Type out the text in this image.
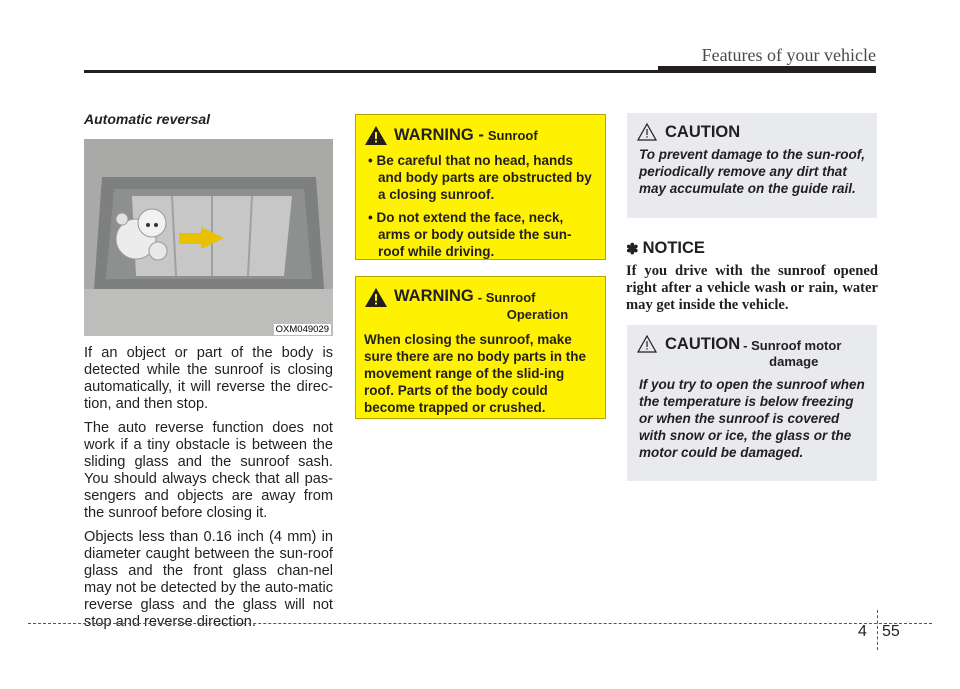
Features of your vehicle
Automatic reversal
OXM049029

If an object or part of the body is detected while the sunroof is closing automatically, it will reverse the direc-tion, and then stop.

The auto reverse function does not work if a tiny obstacle is between the sliding glass and the sunroof sash. You should always check that all pas-sengers and objects are away from the sunroof before closing it.

Objects less than 0.16 inch (4 mm) in diameter caught between the sun-roof glass and the front glass chan-nel may not be detected by the auto-matic reverse glass and the glass will not stop and reverse direction.

WARNING - Sunroof
• Be careful that no head, hands and body parts are obstructed by a closing sunroof.
• Do not extend the face, neck, arms or body outside the sun-roof while driving.
WARNING - Sunroof
Operation
When closing the sunroof, make sure there are no body parts in the movement range of the slid-ing roof. Parts of the body could become trapped or crushed.
CAUTION
To prevent damage to the sun-roof, periodically remove any dirt that may accumulate on the guide rail.
✽ NOTICE
If you drive with the sunroof opened right after a vehicle wash or rain, water may get inside the vehicle.
CAUTION - Sunroof motor
damage
If you try to open the sunroof when the temperature is below freezing or when the sunroof is covered with snow or ice, the glass or the motor could be damaged.
4 55
